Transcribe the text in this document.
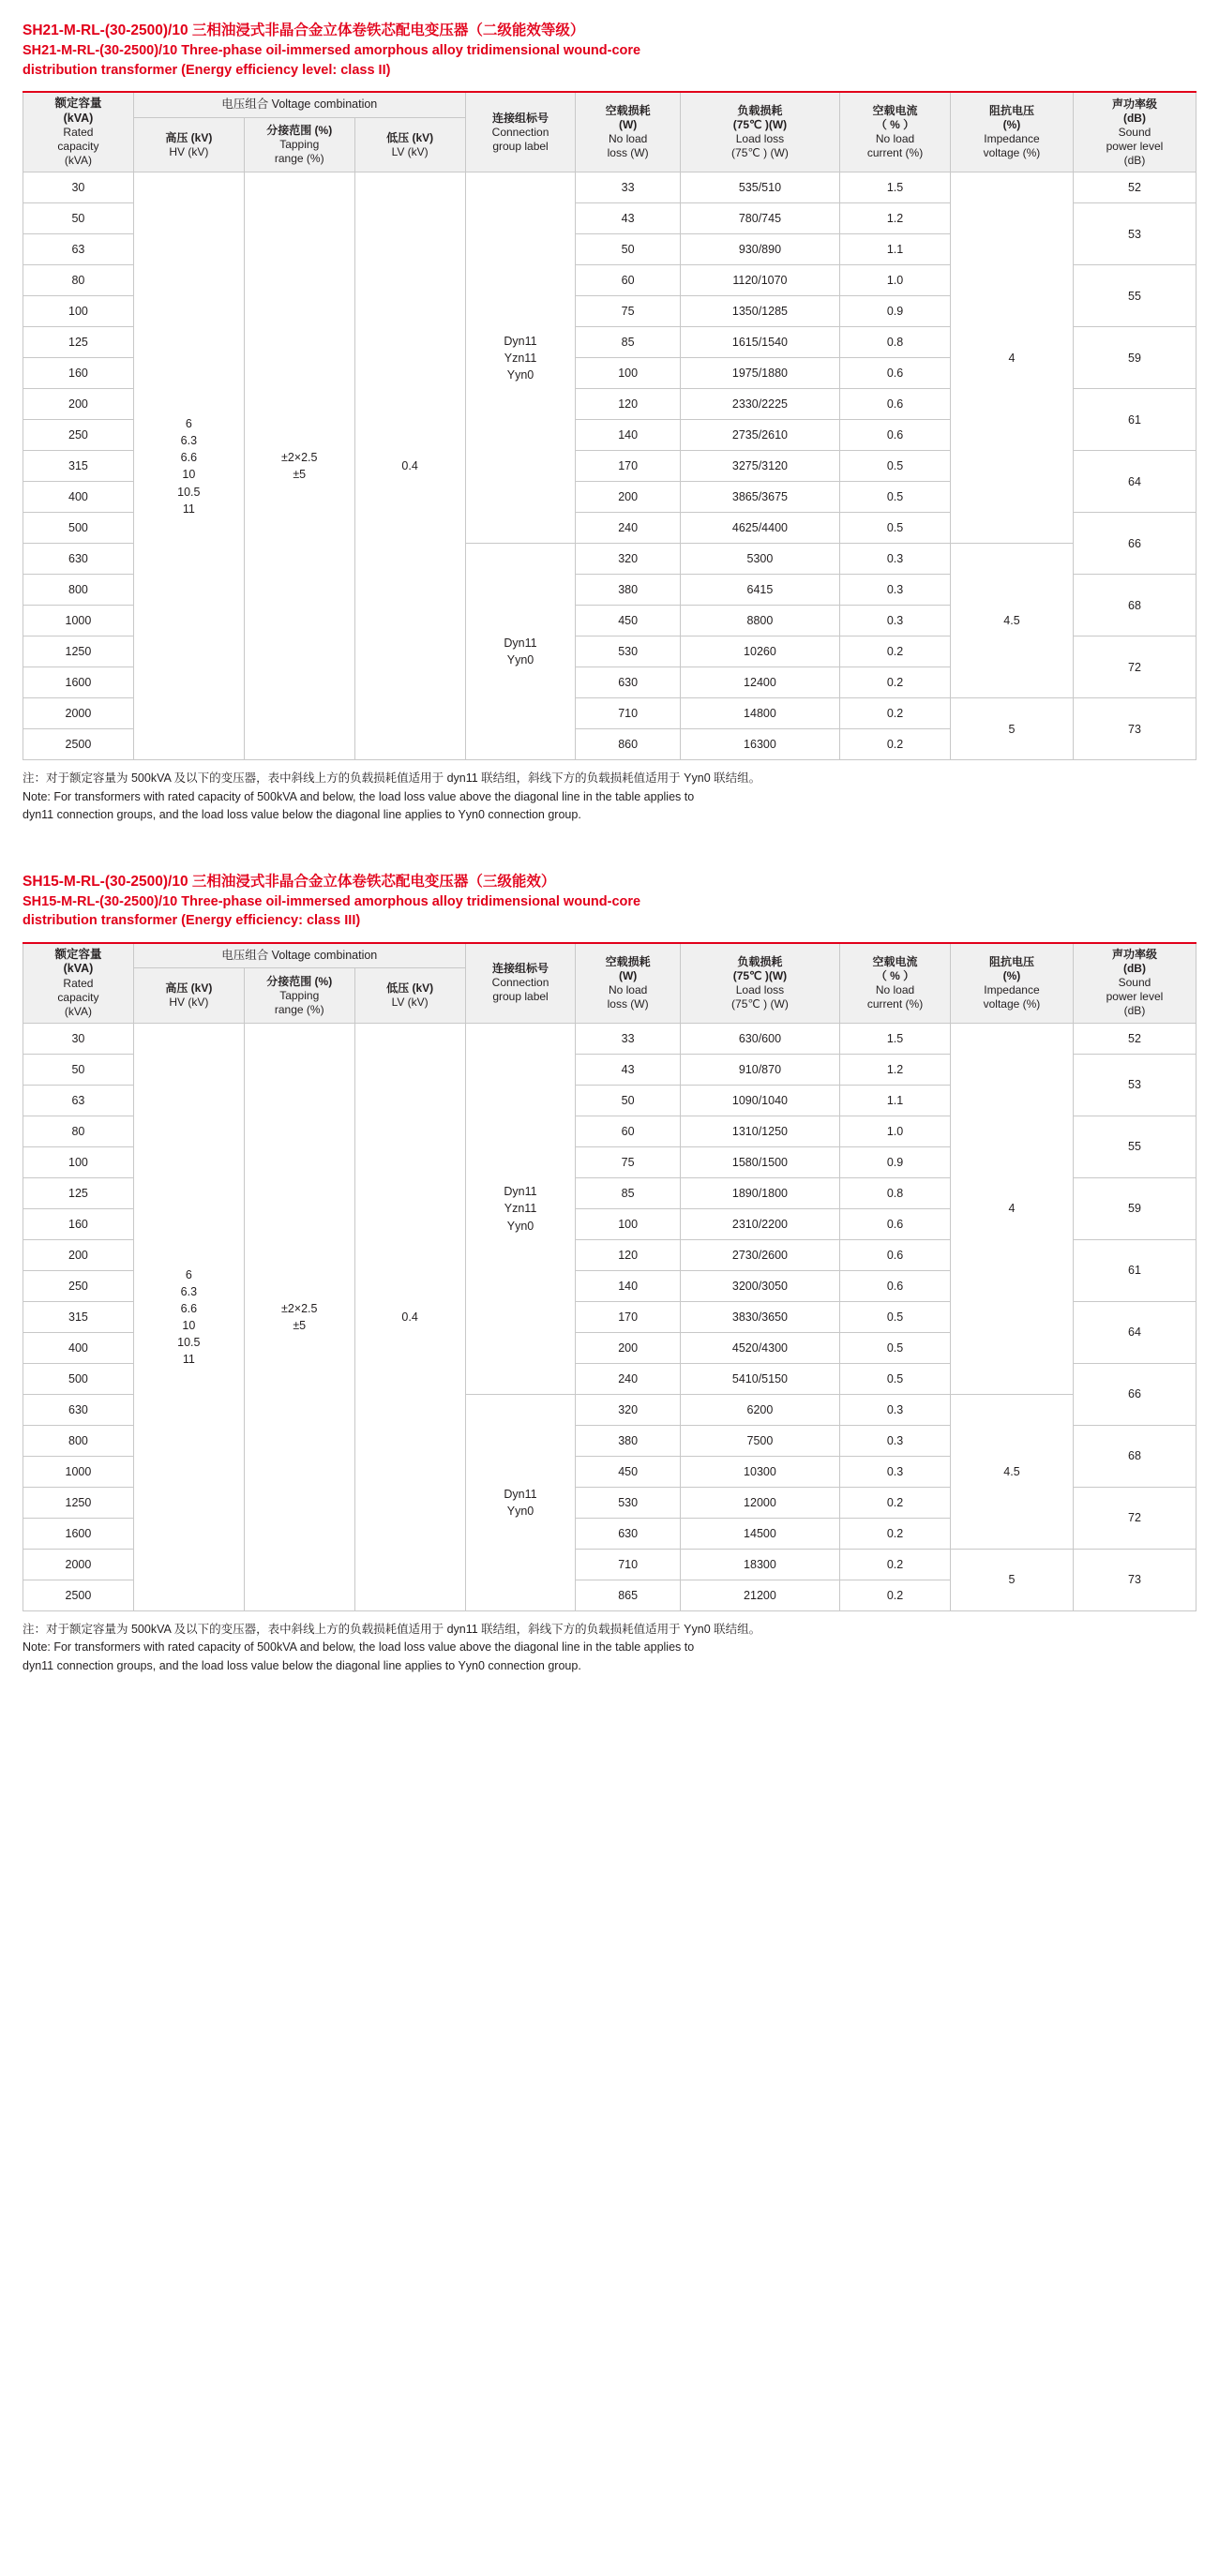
SH21-M-RL-(30-2500)/10 三相油浸式非晶合金立体卷铁芯配电变压器（二级能效等级）
SH21-M-RL-(30-2500)/10 Three-phase oil-immersed amorphous alloy tridimensional wound-core
distribution transformer (Energy efficiency level: class II)
额定容量
(kVA)
Rated
capacity
(kVA)	电压组合 Voltage combination			连接组标号
Connection
group label	空载损耗
(W)
No load
loss (W)	负载损耗
(75℃ )(W)
Load loss
(75℃ ) (W)	空载电流
（ % ）
No load
current (%)	阻抗电压
(%)
Impedance
voltage (%)	声功率级
(dB)
Sound
power level
(dB)

	高压 (kV)
HV (kV)	分接范围 (%)
Tapping
range (%)	低压 (kV)
LV (kV)						

30	6
6.3
6.6
10
10.5
11	±2×2.5
±5	0.4	Dyn11
Yzn11
Yyn0	33	535/510	1.5	4	52
50					43	780/745	1.2		53
63					50	930/890	1.1		
80					60	1120/1070	1.0		55
100					75	1350/1285	0.9		
125					85	1615/1540	0.8		59
160					100	1975/1880	0.6		
200					120	2330/2225	0.6		61
250					140	2735/2610	0.6		
315					170	3275/3120	0.5		64
400					200	3865/3675	0.5		
500					240	4625/4400	0.5		66
630				Dyn11
Yyn0	320	5300	0.3	4.5	
800					380	6415	0.3		68
1000					450	8800	0.3		
1250					530	10260	0.2		72
1600					630	12400	0.2		
2000					710	14800	0.2	5	73
2500					860	16300	0.2		
注：对于额定容量为 500kVA 及以下的变压器，表中斜线上方的负载损耗值适用于 dyn11 联结组，斜线下方的负载损耗值适用于 Yyn0 联结组。
Note: For transformers with rated capacity of 500kVA and below, the load loss value above the diagonal line in the table applies to
dyn11 connection groups, and the load loss value below the diagonal line applies to Yyn0 connection group.
SH15-M-RL-(30-2500)/10 三相油浸式非晶合金立体卷铁芯配电变压器（三级能效）
SH15-M-RL-(30-2500)/10 Three-phase oil-immersed amorphous alloy tridimensional wound-core
distribution transformer (Energy efficiency: class III)
额定容量
(kVA)
Rated
capacity
(kVA)	电压组合 Voltage combination			连接组标号
Connection
group label	空载损耗
(W)
No load
loss (W)	负载损耗
(75℃ )(W)
Load loss
(75℃ ) (W)	空载电流
（ % ）
No load
current (%)	阻抗电压
(%)
Impedance
voltage (%)	声功率级
(dB)
Sound
power level
(dB)

	高压 (kV)
HV (kV)	分接范围 (%)
Tapping
range (%)	低压 (kV)
LV (kV)						

30	6
6.3
6.6
10
10.5
11	±2×2.5
±5	0.4	Dyn11
Yzn11
Yyn0	33	630/600	1.5	4	52
50					43	910/870	1.2		53
63					50	1090/1040	1.1		
80					60	1310/1250	1.0		55
100					75	1580/1500	0.9		
125					85	1890/1800	0.8		59
160					100	2310/2200	0.6		
200					120	2730/2600	0.6		61
250					140	3200/3050	0.6		
315					170	3830/3650	0.5		64
400					200	4520/4300	0.5		
500					240	5410/5150	0.5		66
630				Dyn11
Yyn0	320	6200	0.3	4.5	
800					380	7500	0.3		68
1000					450	10300	0.3		
1250					530	12000	0.2		72
1600					630	14500	0.2		
2000					710	18300	0.2	5	73
2500					865	21200	0.2		
注：对于额定容量为 500kVA 及以下的变压器，表中斜线上方的负载损耗值适用于 dyn11 联结组，斜线下方的负载损耗值适用于 Yyn0 联结组。
Note: For transformers with rated capacity of 500kVA and below, the load loss value above the diagonal line in the table applies to
dyn11 connection groups, and the load loss value below the diagonal line applies to Yyn0 connection group.
